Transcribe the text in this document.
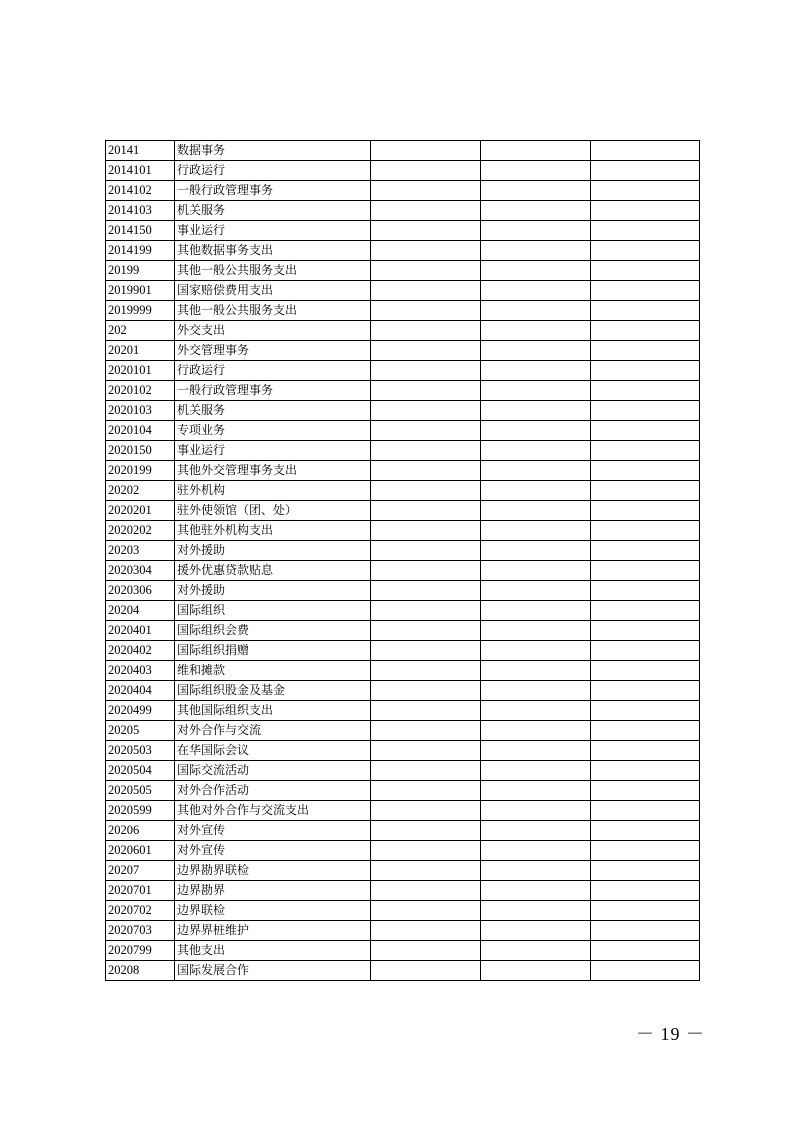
20141	数据事务			
2014101	行政运行			
2014102	一般行政管理事务			
2014103	机关服务			
2014150	事业运行			
2014199	其他数据事务支出			
20199	其他一般公共服务支出			
2019901	国家赔偿费用支出			
2019999	其他一般公共服务支出			
202	外交支出			
20201	外交管理事务			
2020101	行政运行			
2020102	一般行政管理事务			
2020103	机关服务			
2020104	专项业务			
2020150	事业运行			
2020199	其他外交管理事务支出			
20202	驻外机构			
2020201	驻外使领馆（团、处）			
2020202	其他驻外机构支出			
20203	对外援助			
2020304	援外优惠贷款贴息			
2020306	对外援助			
20204	国际组织			
2020401	国际组织会费			
2020402	国际组织捐赠			
2020403	维和摊款			
2020404	国际组织股金及基金			
2020499	其他国际组织支出			
20205	对外合作与交流			
2020503	在华国际会议			
2020504	国际交流活动			
2020505	对外合作活动			
2020599	其他对外合作与交流支出			
20206	对外宣传			
2020601	对外宣传			
20207	边界勘界联检			
2020701	边界勘界			
2020702	边界联检			
2020703	边界界桩维护			
2020799	其他支出			
20208	国际发展合作			
－ 19 －
